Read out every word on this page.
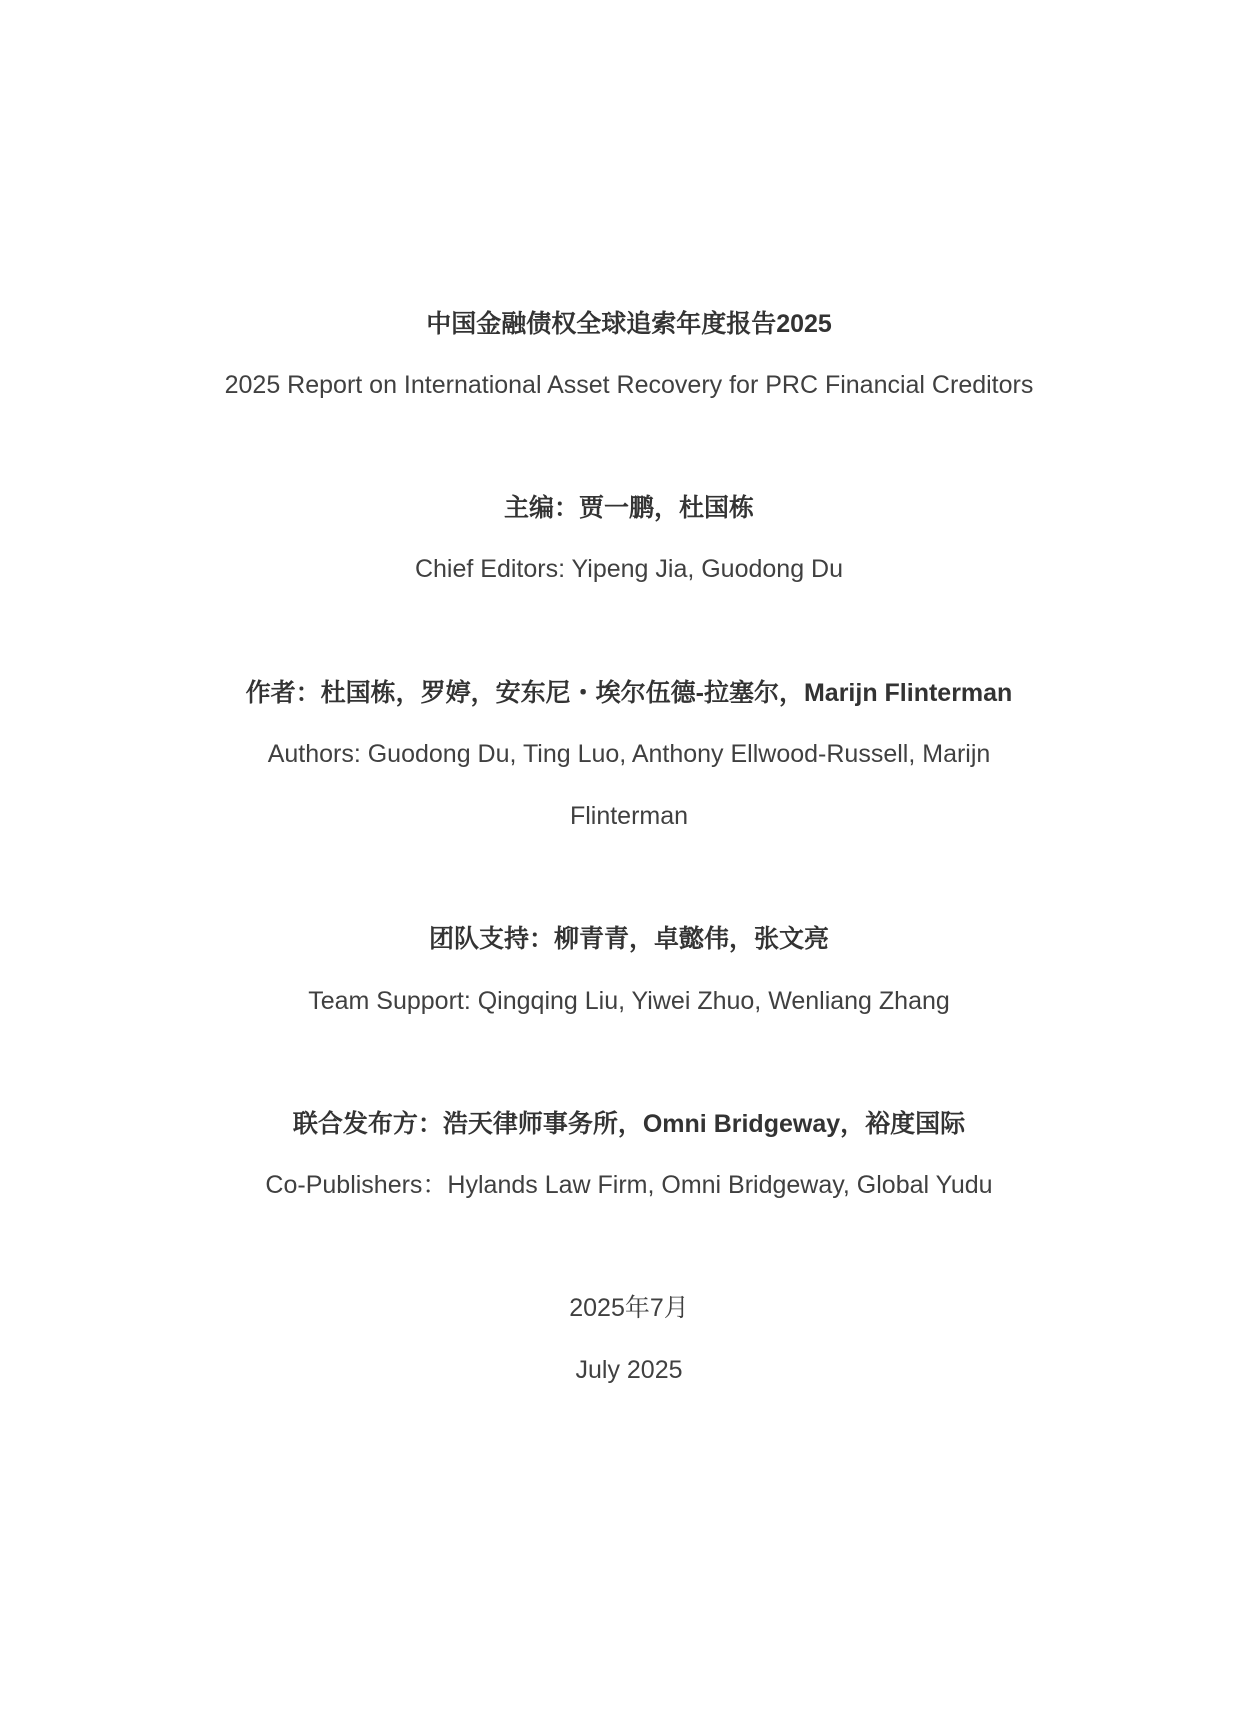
中国金融债权全球追索年度报告2025
2025 Report on International Asset Recovery for PRC Financial Creditors
主编：贾一鹏，杜国栋
Chief Editors: Yipeng Jia, Guodong Du
作者：杜国栋，罗婷，安东尼・埃尔伍德-拉塞尔，Marijn Flinterman
Authors: Guodong Du, Ting Luo, Anthony Ellwood-Russell, Marijn
Flinterman
团队支持：柳青青，卓懿伟，张文亮
Team Support: Qingqing Liu, Yiwei Zhuo, Wenliang Zhang
联合发布方：浩天律师事务所，Omni Bridgeway，裕度国际
Co-Publishers：Hylands Law Firm, Omni Bridgeway, Global Yudu
2025年7月
July 2025
